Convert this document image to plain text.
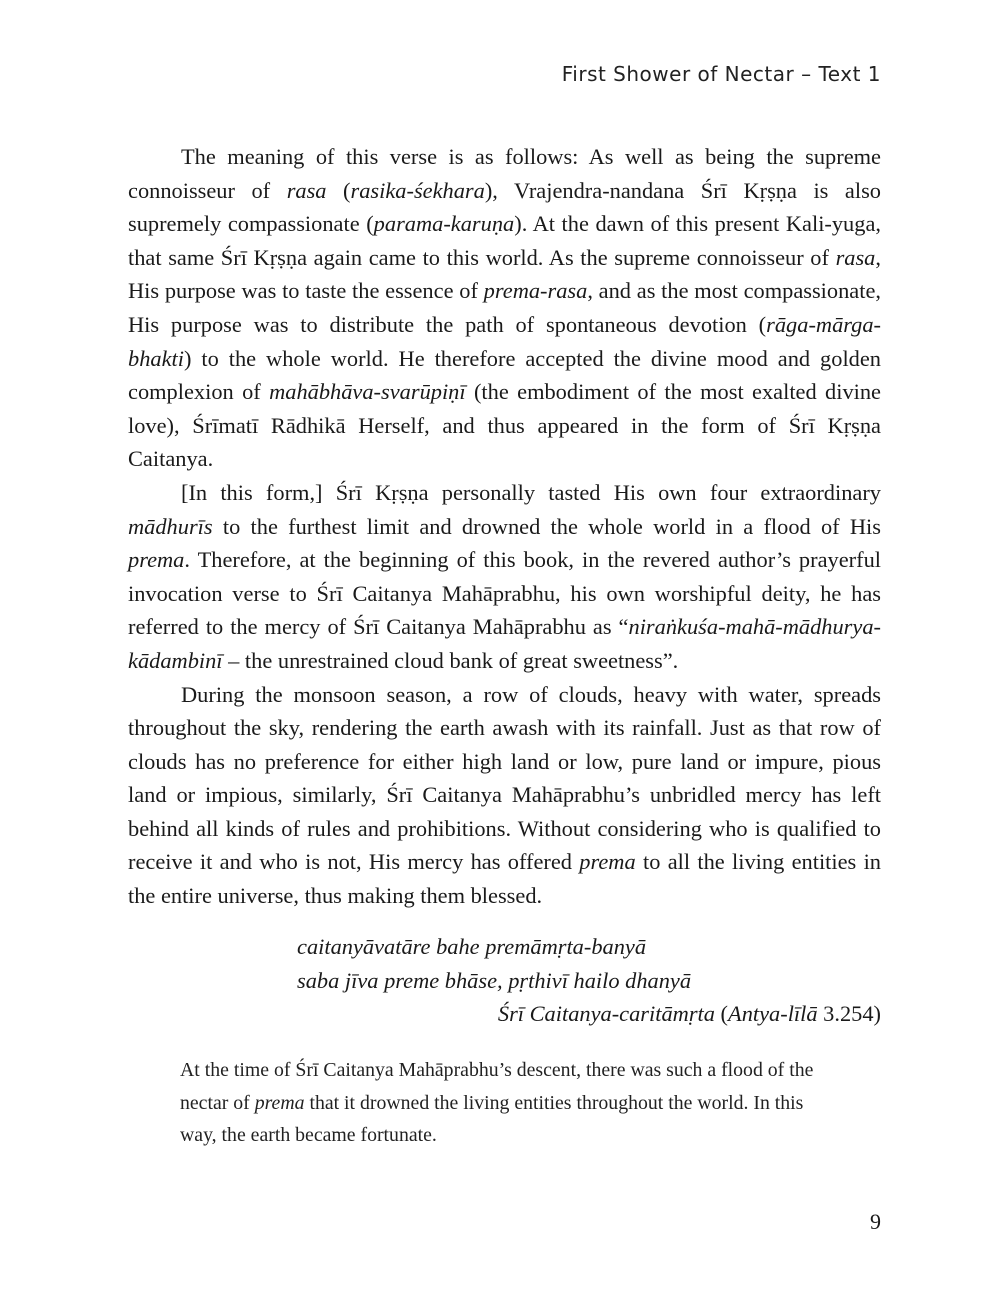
First Shower of Nectar – Text 1

The meaning of this verse is as follows: As well as being the supreme connoisseur of rasa (rasika-śekhara), Vrajendra-nandana Śrī Kṛṣṇa is also supremely compassionate (parama-karuṇa). At the dawn of this present Kali-yuga, that same Śrī Kṛṣṇa again came to this world. As the supreme connoisseur of rasa, His purpose was to taste the essence of prema-rasa, and as the most compassionate, His purpose was to distribute the path of spontaneous devotion (rāga-mārga-bhakti) to the whole world. He therefore accepted the divine mood and golden complexion of mahābhāva-svarūpiṇī (the embodiment of the most exalted divine love), Śrīmatī Rādhikā Herself, and thus appeared in the form of Śrī Kṛṣṇa Caitanya.

[In this form,] Śrī Kṛṣṇa personally tasted His own four extraordinary mādhurīs to the furthest limit and drowned the whole world in a flood of His prema. Therefore, at the beginning of this book, in the revered author’s prayerful invocation verse to Śrī Caitanya Mahāprabhu, his own worshipful deity, he has referred to the mercy of Śrī Caitanya Mahāprabhu as “niraṅkuśa-mahā-mādhurya-kādambinī – the unrestrained cloud bank of great sweetness”.

During the monsoon season, a row of clouds, heavy with water, spreads throughout the sky, rendering the earth awash with its rainfall. Just as that row of clouds has no preference for either high land or low, pure land or impure, pious land or impious, similarly, Śrī Caitanya Mahāprabhu’s unbridled mercy has left behind all kinds of rules and prohibitions. Without considering who is qualified to receive it and who is not, His mercy has offered prema to all the living entities in the entire universe, thus making them blessed.

caitanyāvatāre bahe premāmṛta-banyā
saba jīva preme bhāse, pṛthivī hailo dhanyā
Śrī Caitanya-caritāmṛta (Antya-līlā 3.254)

At the time of Śrī Caitanya Mahāprabhu’s descent, there was such a flood of the nectar of prema that it drowned the living entities throughout the world. In this way, the earth became fortunate.

9
